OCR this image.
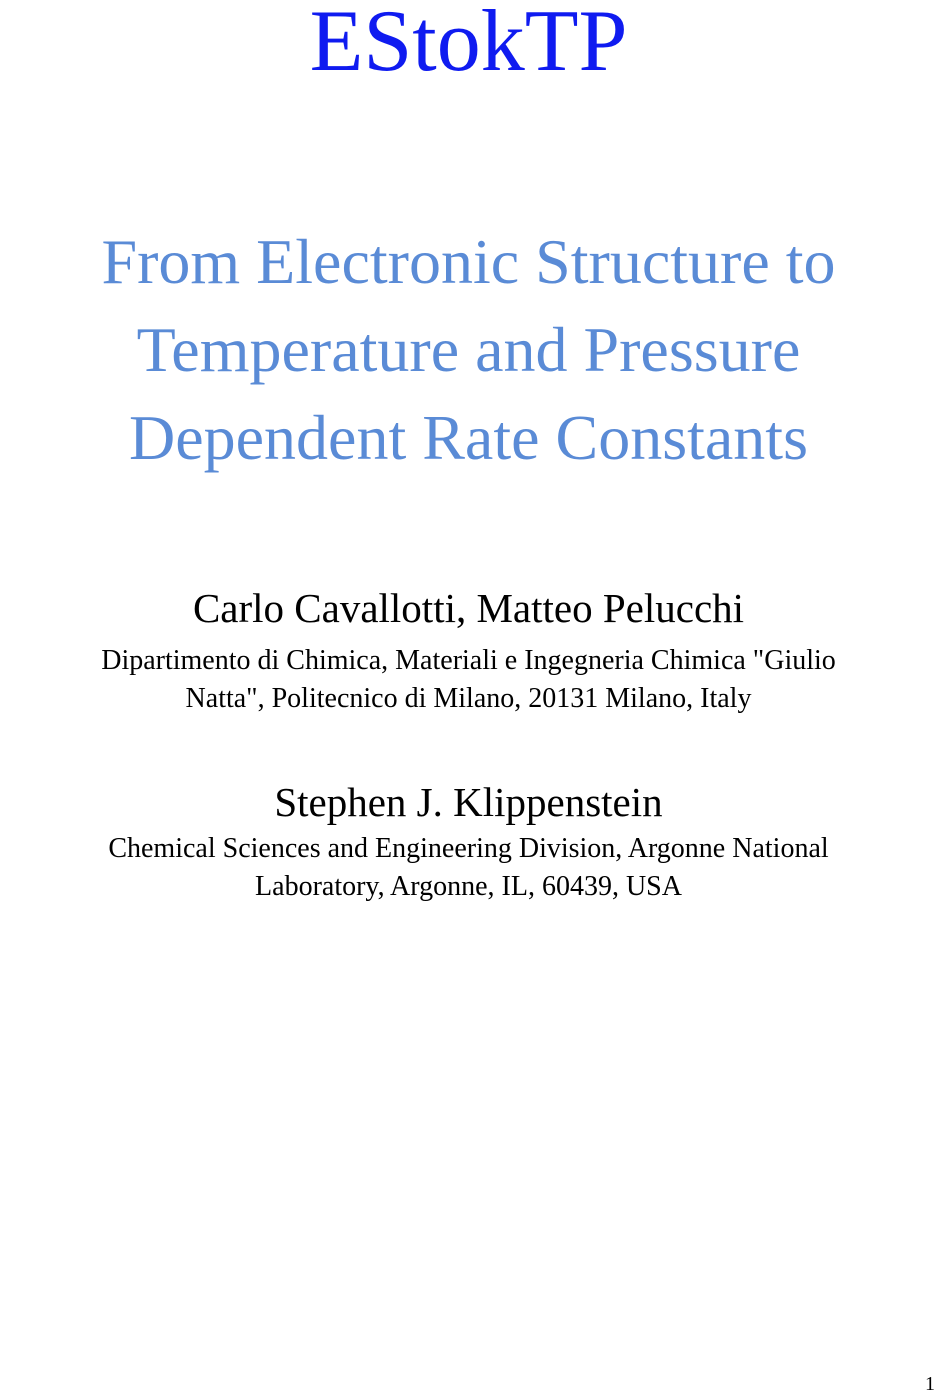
EStokTP
From Electronic Structure to
Temperature and Pressure
Dependent Rate Constants
Carlo Cavallotti, Matteo Pelucchi
Dipartimento di Chimica, Materiali e Ingegneria Chimica "Giulio
Natta", Politecnico di Milano, 20131 Milano, Italy
Stephen J. Klippenstein
Chemical Sciences and Engineering Division, Argonne National
Laboratory, Argonne, IL, 60439, USA
1
